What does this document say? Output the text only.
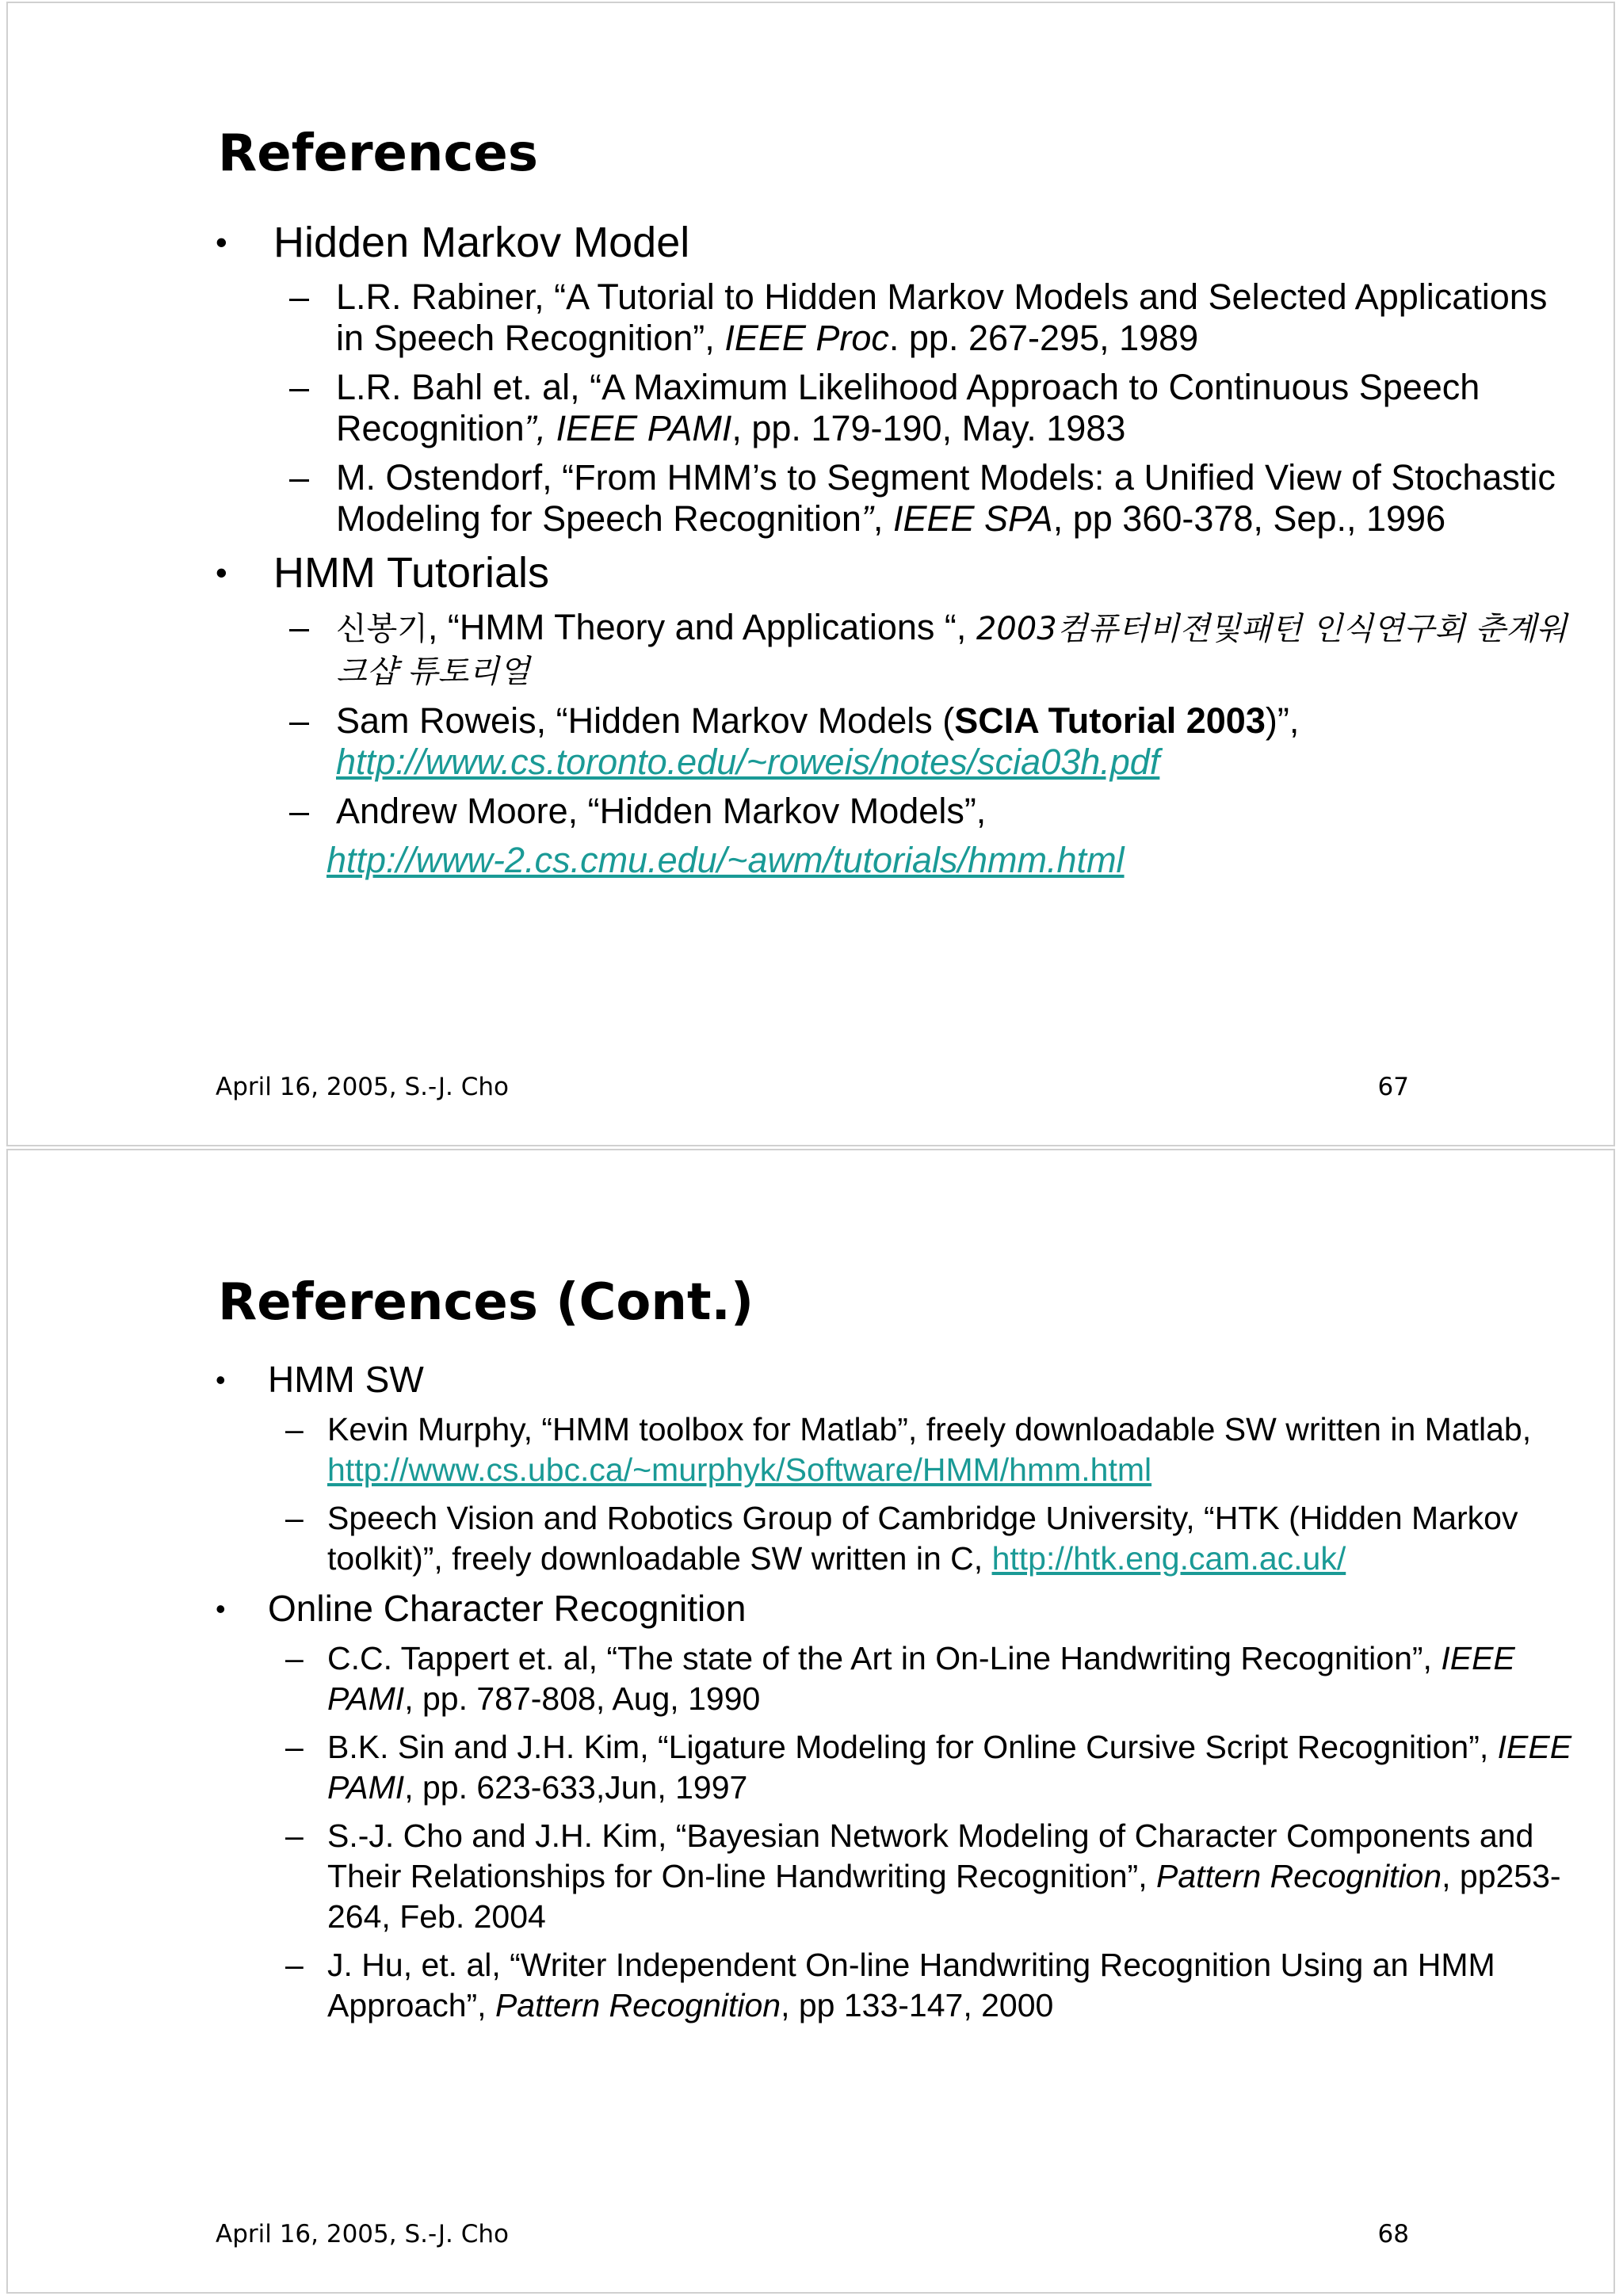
References

• Hidden Markov Model

– L.R. Rabiner, “A Tutorial to Hidden Markov Models and Selected Applications in Speech Recognition”, IEEE Proc. pp. 267-295, 1989
– L.R. Bahl et. al, “A Maximum Likelihood Approach to Continuous Speech Recognition”, IEEE PAMI, pp. 179-190, May. 1983
– M. Ostendorf, “From HMM’s to Segment Models: a Unified View of Stochastic Modeling for Speech Recognition”, IEEE SPA, pp 360-378, Sep., 1996

• HMM Tutorials

– 신봉기, “HMM Theory and Applications “, 2003컴퓨터비젼및패턴 인식연구회 춘계워크샵 튜토리얼
– Sam Roweis, “Hidden Markov Models (SCIA Tutorial 2003)”, http://www.cs.toronto.edu/~roweis/notes/scia03h.pdf
– Andrew Moore, “Hidden Markov Models”,
http://www-2.cs.cmu.edu/~awm/tutorials/hmm.html
April 16, 2005, S.-J. Cho	67
References (Cont.)

• HMM SW

– Kevin Murphy, “HMM toolbox for Matlab”, freely downloadable SW written in Matlab, http://www.cs.ubc.ca/~murphyk/Software/HMM/hmm.html
– Speech Vision and Robotics Group of Cambridge University, “HTK (Hidden Markov toolkit)”, freely downloadable SW written in C, http://htk.eng.cam.ac.uk/

• Online Character Recognition

– C.C. Tappert et. al, “The state of the Art in On-Line Handwriting Recognition”, IEEE PAMI, pp. 787-808, Aug, 1990
– B.K. Sin and J.H. Kim, “Ligature Modeling for Online Cursive Script Recognition”, IEEE PAMI, pp. 623-633,Jun, 1997
– S.-J. Cho and J.H. Kim, “Bayesian Network Modeling of Character Components and Their Relationships for On-line Handwriting Recognition”, Pattern Recognition, pp253-264, Feb. 2004
– J. Hu, et. al, “Writer Independent On-line Handwriting Recognition Using an HMM Approach”, Pattern Recognition, pp 133-147, 2000
April 16, 2005, S.-J. Cho	68
